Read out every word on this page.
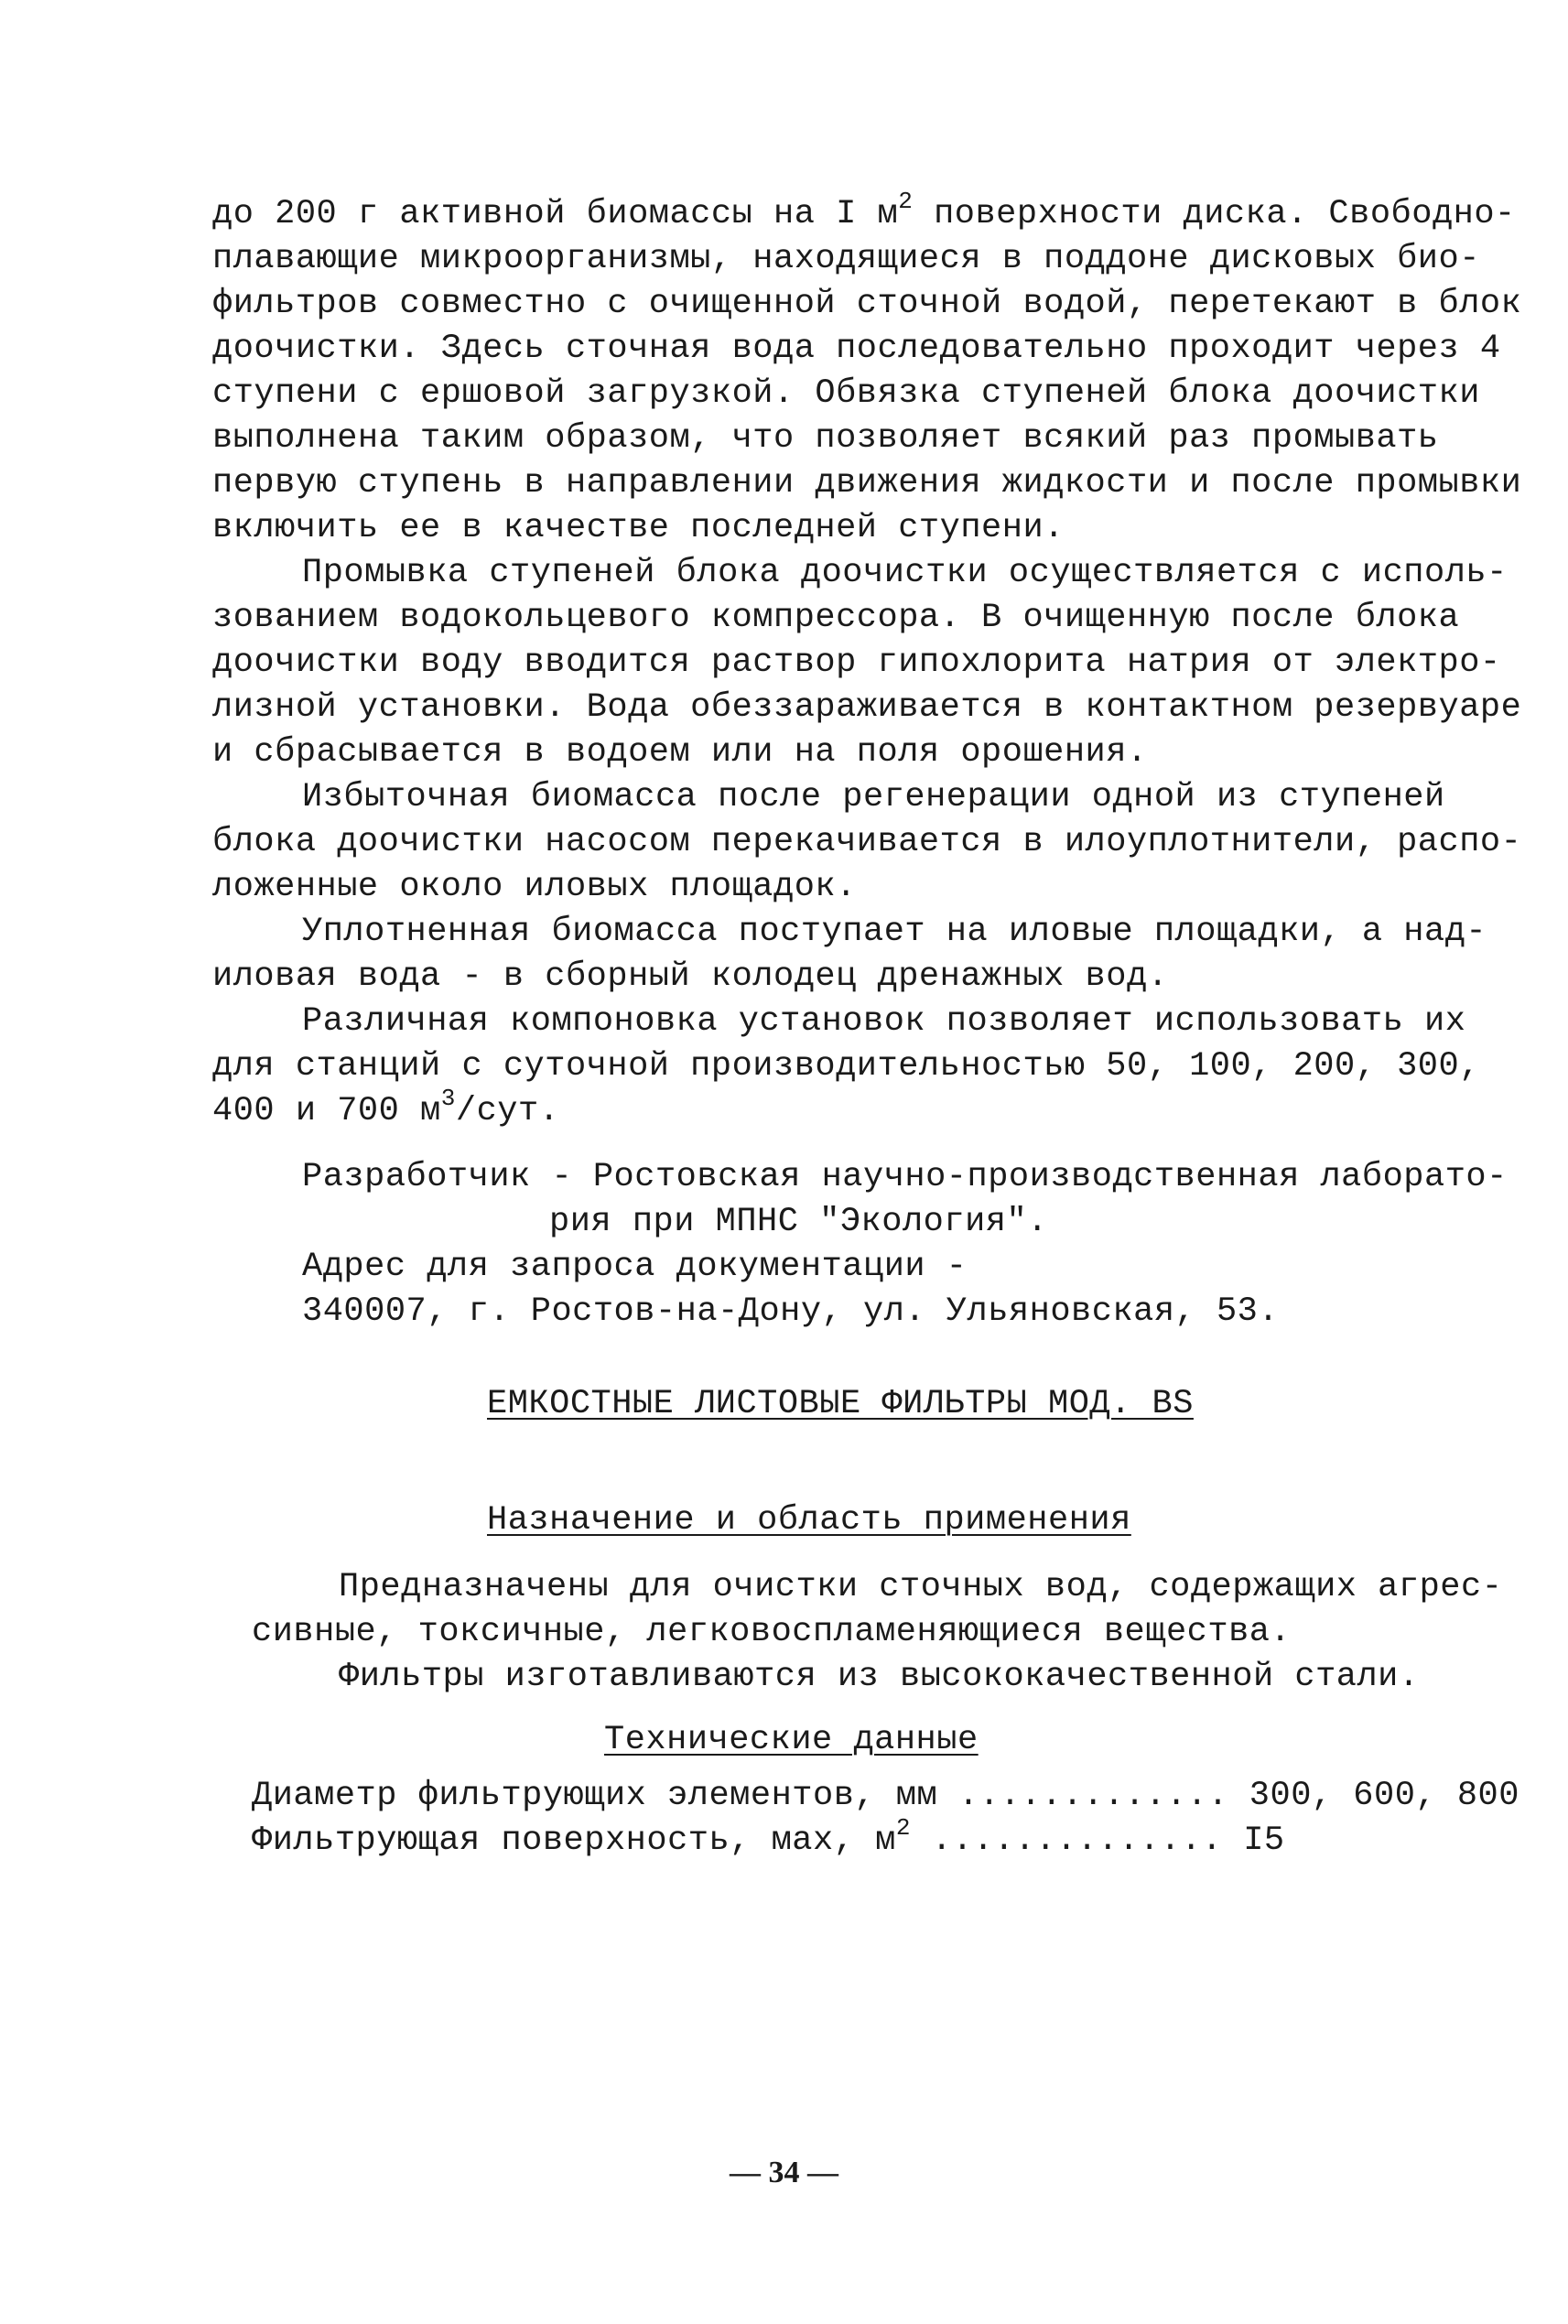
до 200 г активной биомассы на I $м^2$ поверхности диска. Свободно-
плавающие микроорганизмы, находящиеся в поддоне дисковых био-
фильтров совместно с очищенной сточной водой, перетекают в блок
доочистки. Здесь сточная вода последовательно проходит через 4
ступени с ершовой загрузкой. Обвязка ступеней блока доочистки
выполнена таким образом, что позволяет всякий раз промывать
первую ступень в направлении движения жидкости и после промывки
включить ее в качестве последней ступени.
Промывка ступеней блока доочистки осуществляется с исполь-
зованием водокольцевого компрессора. В очищенную после блока
доочистки воду вводится раствор гипохлорита натрия от электро-
лизной установки. Вода обеззараживается в контактном резервуаре
и сбрасывается в водоем или на поля орошения.
Избыточная биомасса после регенерации одной из ступеней
блока доочистки насосом перекачивается в илоуплотнители, распо-
ложенные около иловых площадок.
Уплотненная биомасса поступает на иловые площадки, а над-
иловая вода - в сборный колодец дренажных вод.
Различная компоновка установок позволяет использовать их
для станций с суточной производительностью 50, 100, 200, 300,
400 и 700 $м^3$/сут.
Разработчик - Ростовская научно-производственная лаборато-
рия при МПНС "Экология".
Адрес для запроса документации -
340007, г. Ростов-на-Дону, ул. Ульяновская, 53.
ЕМКОСТНЫЕ ЛИСТОВЫЕ ФИЛЬТРЫ МОД. BS
Назначение и область применения
Предназначены для очистки сточных вод, содержащих агрес-
сивные, токсичные, легковоспламеняющиеся вещества.
Фильтры изготавливаются из высококачественной стали.
Технические данные
Диаметр фильтрующих элементов, мм ............. 300, 600, 800
Фильтрующая поверхность, мах, $м^2$ .............. I5
— 34 —
